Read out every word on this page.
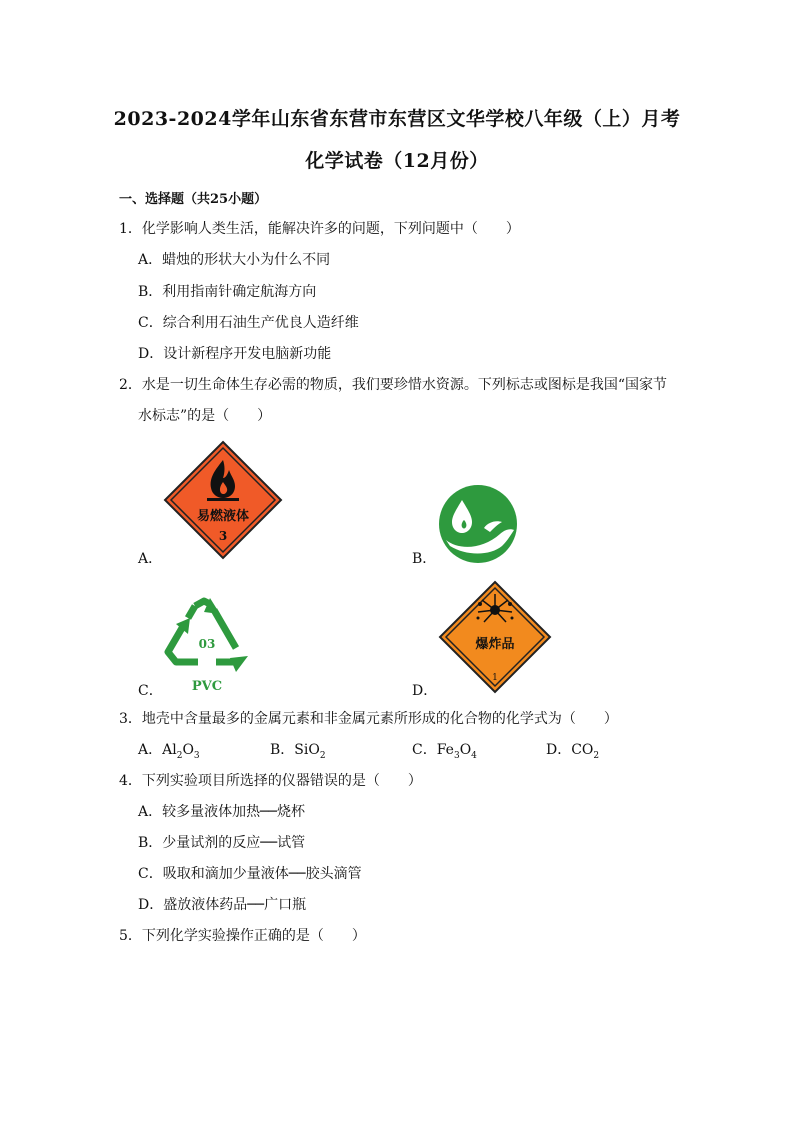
2023-2024学年山东省东营市东营区文华学校八年级（上）月考
化学试卷（12月份）
一、选择题（共25小题）
1．化学影响人类生活，能解决许多的问题，下列问题中（　　）
A．蜡烛的形状大小为什么不同
B．利用指南针确定航海方向
C．综合利用石油生产优良人造纤维
D．设计新程序开发电脑新功能
2．水是一切生命体生存必需的物质，我们要珍惜水资源。下列标志或图标是我国“国家节
水标志”的是（　　）
易燃液体
3
A．	B．
03
PVC
C．
爆炸品
1
D．
3．地壳中含量最多的金属元素和非金属元素所形成的化合物的化学式为（　　）
A．$Al_2O_3$	B．SiO$_2$	C．$Fe_3O_4$	D．$CO_2$
4．下列实验项目所选择的仪器错误的是（　　）
A．较多量液体加热──烧杯
B．少量试剂的反应──试管
C．吸取和滴加少量液体──胶头滴管
D．盛放液体药品──广口瓶
5．下列化学实验操作正确的是（　　）
